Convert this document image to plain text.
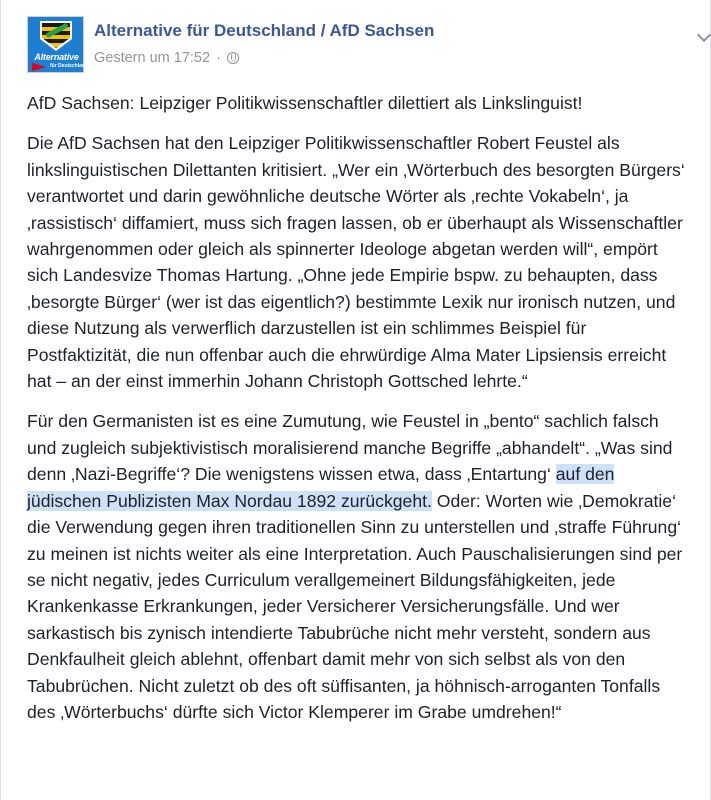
Alternative
für Deutschland
Alternative für Deutschland / AfD Sachsen
Gestern um 17:52 ·

AfD Sachsen: Leipziger Politikwissenschaftler dilettiert als Linkslinguist!

Die AfD Sachsen hat den Leipziger Politikwissenschaftler Robert Feustel als linkslinguistischen Dilettanten kritisiert. „Wer ein ‚Wörterbuch des besorgten Bürgers‘ verantwortet und darin gewöhnliche deutsche Wörter als ‚rechte Vokabeln‘, ja ‚rassistisch‘ diffamiert, muss sich fragen lassen, ob er überhaupt als Wissenschaftler wahrgenommen oder gleich als spinnerter Ideologe abgetan werden will“, empört sich Landesvize Thomas Hartung. „Ohne jede Empirie bspw. zu behaupten, dass ‚besorgte Bürger‘ (wer ist das eigentlich?) bestimmte Lexik nur ironisch nutzen, und diese Nutzung als verwerflich darzustellen ist ein schlimmes Beispiel für Postfaktizität, die nun offenbar auch die ehrwürdige Alma Mater Lipsiensis erreicht hat – an der einst immerhin Johann Christoph Gottsched lehrte.“

Für den Germanisten ist es eine Zumutung, wie Feustel in „bento“ sachlich falsch und zugleich subjektivistisch moralisierend manche Begriffe „abhandelt“. „Was sind denn ‚Nazi-Begriffe‘? Die wenigstens wissen etwa, dass ‚Entartung‘ auf den jüdischen Publizisten Max Nordau 1892 zurückgeht. Oder: Worten wie ‚Demokratie‘ die Verwendung gegen ihren traditionellen Sinn zu unterstellen und ‚straffe Führung‘ zu meinen ist nichts weiter als eine Interpretation. Auch Pauschalisierungen sind per se nicht negativ, jedes Curriculum verallgemeinert Bildungsfähigkeiten, jede Krankenkasse Erkrankungen, jeder Versicherer Versicherungsfälle. Und wer sarkastisch bis zynisch intendierte Tabubrüche nicht mehr versteht, sondern aus Denkfaulheit gleich ablehnt, offenbart damit mehr von sich selbst als von den Tabubrüchen. Nicht zuletzt ob des oft süffisanten, ja höhnisch-arroganten Tonfalls des ‚Wörterbuchs‘ dürfte sich Victor Klemperer im Grabe umdrehen!“
